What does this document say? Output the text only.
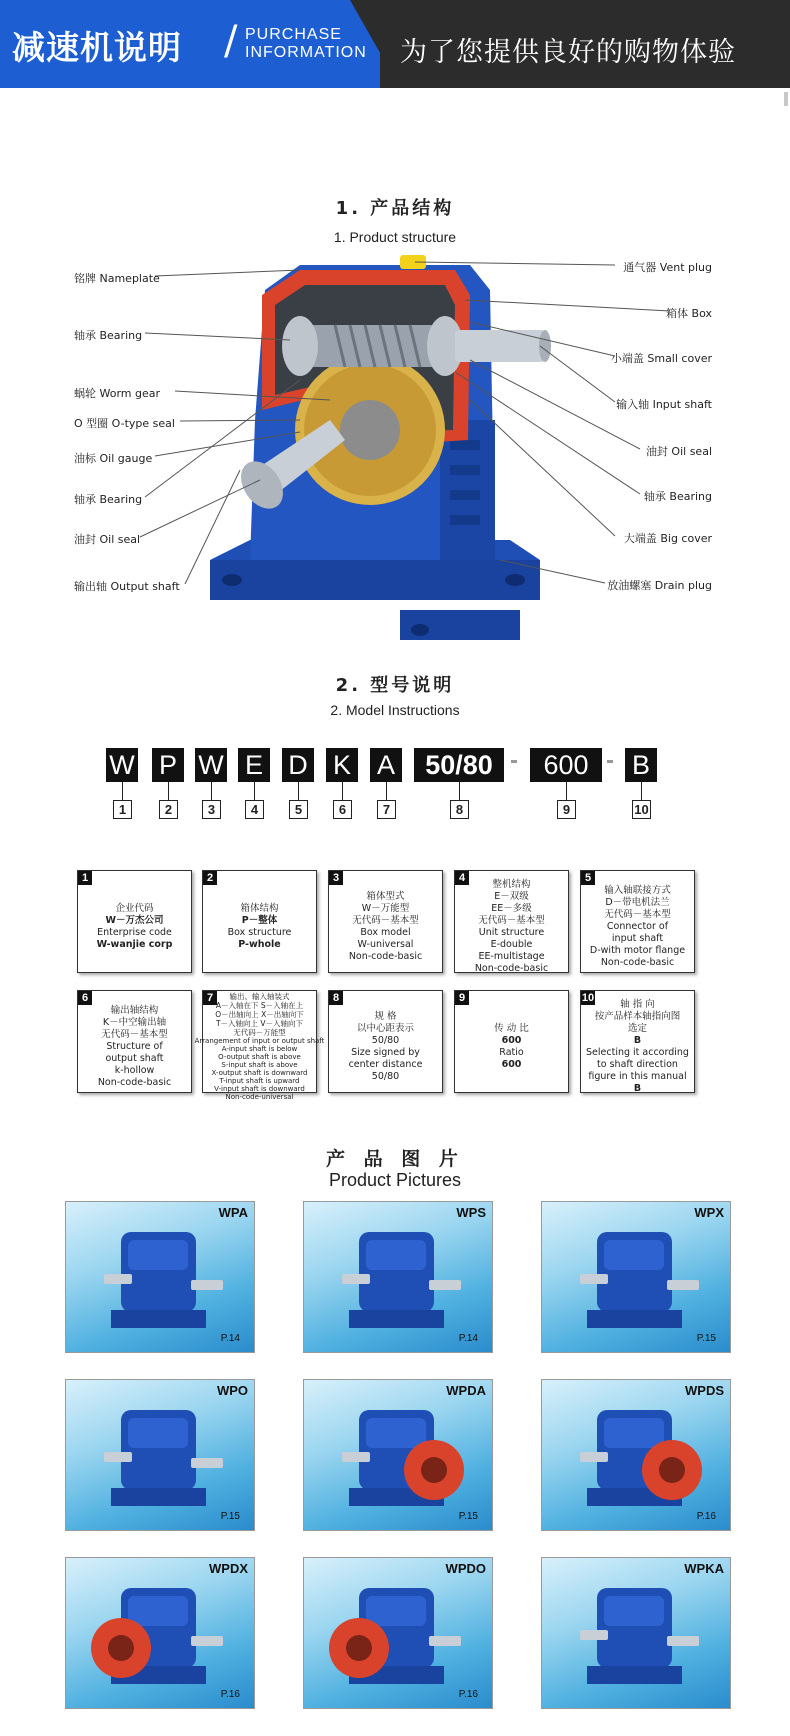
减速机说明 / PURCHASE
INFORMATION 为了您提供良好的购物体验
1. 产品结构
1. Product structure
铭牌 Nameplate
轴承 Bearing
蜗轮 Worm gear
O 型圈 O-type seal
油标 Oil gauge
轴承 Bearing
油封 Oil seal
输出轴 Output shaft
通气器 Vent plug
箱体 Box
小端盖 Small cover
输入轴 Input shaft
油封 Oil seal
轴承 Bearing
大端盖 Big cover
放油螺塞 Drain plug
2. 型号说明
2. Model Instructions
W P W E D K A	50/80	600	B
1	2	3	4	5	6	7	8	9	10
1
企业代码
W－万杰公司
Enterprise code
W-wanjie corp
2
箱体结构
P－整体
Box structure
P-whole
3
箱体型式
W－万能型
无代码－基本型
Box model
W-universal
Non-code-basic
4	整机结构
E－双级
EE－多级
无代码－基本型
Unit structure
E-double
EE-multistage
Non-code-basic
5
输入轴联接方式
D－带电机法兰
无代码－基本型
Connector of
input shaft
D-with motor flange
Non-code-basic
6
输出轴结构
K－中空输出轴
无代码－基本型
Structure of
output shaft
k-hollow
Non-code-basic
7	输出、输入轴装式
A－入轴在下 S－入轴在上
O－出轴向上 X－出轴向下
T－入轴向上 V－入轴向下
无代码－万能型
Arrangement of input or output shaft
A-input shaft is below
O-output shaft is above
S-input shaft is above
X-output shaft is downward
T-input shaft is upward
V-input shaft is downward
Non-code-universal
8
规 格
以中心距表示
50/80
Size signed by
center distance
50/80
9
传 动 比
600
Ratio
600
10	轴 指 向
按产品样本轴指向图
选定
B
Selecting it according
to shaft direction
figure in this manual
B
产 品 图 片
Product Pictures
WPA
P.14
WPS
P.14
WPX
P.15
WPO
P.15
WPDA
P.15
WPDS
P.16
WPDX
P.16
WPDO
P.16
WPKA
